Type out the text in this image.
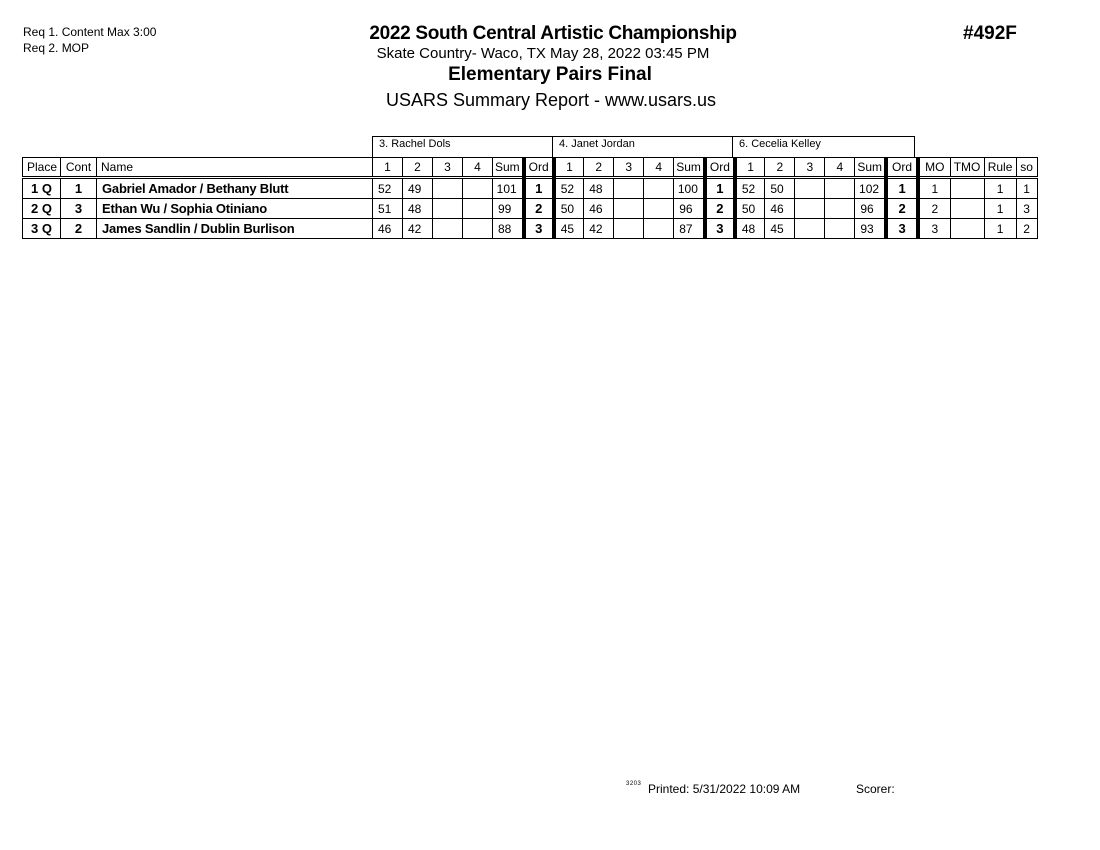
Req 1. Content Max 3:00
Req 2. MOP
2022 South Central Artistic Championship
Skate Country- Waco, TX May 28, 2022 03:45 PM
Elementary Pairs Final
USARS Summary Report - www.usars.us
#492F
3. Rachel Dols	4. Janet Jordan	6. Cecelia Kelley
Place	Cont	Name	1	2	3	4	Sum	Ord	1	2	3	4	Sum	Ord	1	2	3	4	Sum	Ord	MO	TMO	Rule	so
1 Q	1	Gabriel Amador / Bethany Blutt	52	49			101	1	52	48			100	1	52	50			102	1	1		1	1
2 Q	3	Ethan Wu / Sophia Otiniano	51	48			99	2	50	46			96	2	50	46			96	2	2		1	3
3 Q	2	James Sandlin / Dublin Burlison	46	42			88	3	45	42			87	3	48	45			93	3	3		1	2
3203 Printed: 5/31/2022 10:09 AM	Scorer:
